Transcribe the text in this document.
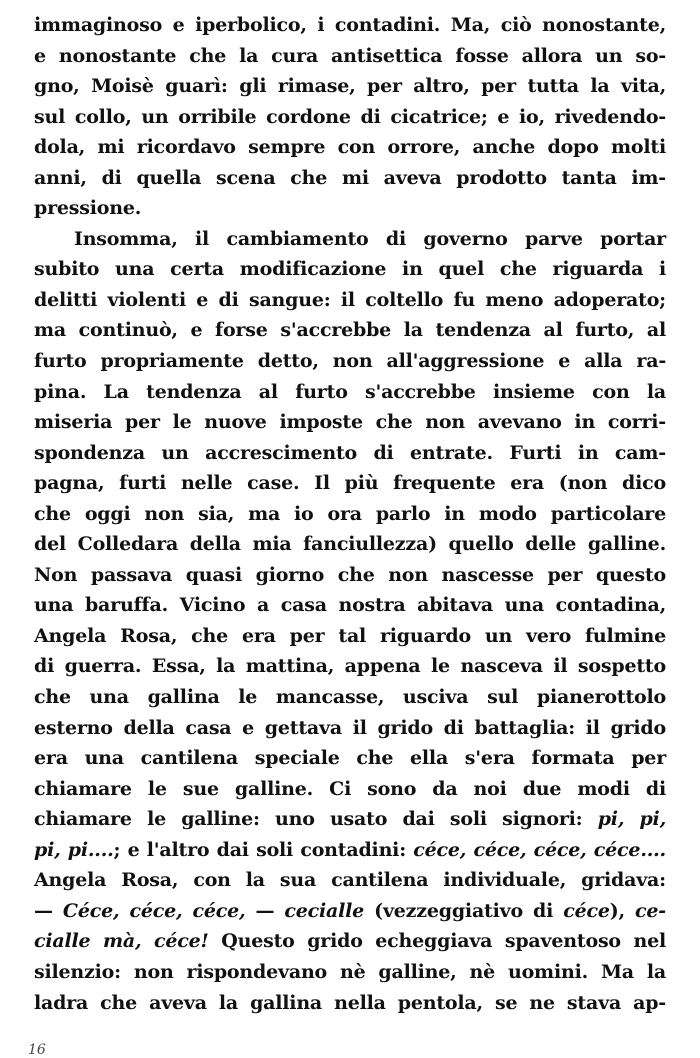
immaginoso e iperbolico, i contadini. Ma, ciò nonostante,
e nonostante che la cura antisettica fosse allora un so-
gno, Moisè guarì: gli rimase, per altro, per tutta la vita,
sul collo, un orribile cordone di cicatrice; e io, rivedendo-
dola, mi ricordavo sempre con orrore, anche dopo molti
anni, di quella scena che mi aveva prodotto tanta im-
pressione.
Insomma, il cambiamento di governo parve portar
subito una certa modificazione in quel che riguarda i
delitti violenti e di sangue: il coltello fu meno adoperato;
ma continuò, e forse s'accrebbe la tendenza al furto, al
furto propriamente detto, non all'aggressione e alla ra-
pina. La tendenza al furto s'accrebbe insieme con la
miseria per le nuove imposte che non avevano in corri-
spondenza un accrescimento di entrate. Furti in cam-
pagna, furti nelle case. Il più frequente era (non dico
che oggi non sia, ma io ora parlo in modo particolare
del Colledara della mia fanciullezza) quello delle galline.
Non passava quasi giorno che non nascesse per questo
una baruffa. Vicino a casa nostra abitava una contadina,
Angela Rosa, che era per tal riguardo un vero fulmine
di guerra. Essa, la mattina, appena le nasceva il sospetto
che una gallina le mancasse, usciva sul pianerottolo
esterno della casa e gettava il grido di battaglia: il grido
era una cantilena speciale che ella s'era formata per
chiamare le sue galline. Ci sono da noi due modi di
chiamare le galline: uno usato dai soli signori: pi, pi,
pi, pi....; e l'altro dai soli contadini: céce, céce, céce, céce....
Angela Rosa, con la sua cantilena individuale, gridava:
— Céce, céce, céce, — cecialle (vezzeggiativo di céce), ce-
cialle mà, céce! Questo grido echeggiava spaventoso nel
silenzio: non rispondevano nè galline, nè uomini. Ma la
ladra che aveva la gallina nella pentola, se ne stava ap-
16
